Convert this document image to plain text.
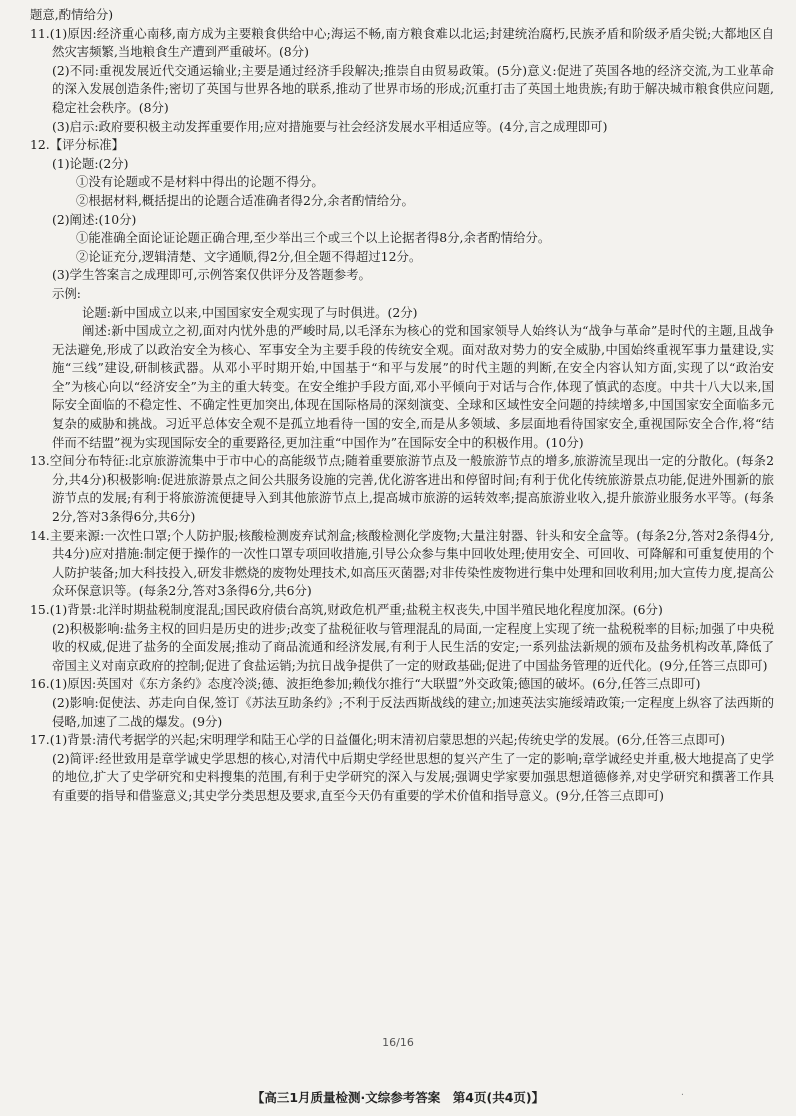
题意,酌情给分)

11.(1)原因:经济重心南移,南方成为主要粮食供给中心;海运不畅,南方粮食难以北运;封建统治腐朽,民族矛盾和阶级矛盾尖锐;大都地区自然灾害频繁,当地粮食生产遭到严重破坏。(8分)

(2)不同:重视发展近代交通运输业;主要是通过经济手段解决;推崇自由贸易政策。(5分)意义:促进了英国各地的经济交流,为工业革命的深入发展创造条件;密切了英国与世界各地的联系,推动了世界市场的形成;沉重打击了英国土地贵族;有助于解决城市粮食供应问题,稳定社会秩序。(8分)

(3)启示:政府要积极主动发挥重要作用;应对措施要与社会经济发展水平相适应等。(4分,言之成理即可)

12.【评分标准】

(1)论题:(2分)

①没有论题或不是材料中得出的论题不得分。

②根据材料,概括提出的论题合适准确者得2分,余者酌情给分。

(2)阐述:(10分)

①能准确全面论证论题正确合理,至少举出三个或三个以上论据者得8分,余者酌情给分。

②论证充分,逻辑清楚、文字通顺,得2分,但全题不得超过12分。

(3)学生答案言之成理即可,示例答案仅供评分及答题参考。

示例:

论题:新中国成立以来,中国国家安全观实现了与时俱进。(2分)

阐述:新中国成立之初,面对内忧外患的严峻时局,以毛泽东为核心的党和国家领导人始终认为“战争与革命”是时代的主题,且战争无法避免,形成了以政治安全为核心、军事安全为主要手段的传统安全观。面对敌对势力的安全威胁,中国始终重视军事力量建设,实施“三线”建设,研制核武器。从邓小平时期开始,中国基于“和平与发展”的时代主题的判断,在安全内容认知方面,实现了以“政治安全”为核心向以“经济安全”为主的重大转变。在安全维护手段方面,邓小平倾向于对话与合作,体现了慎武的态度。中共十八大以来,国际安全面临的不稳定性、不确定性更加突出,体现在国际格局的深刻演变、全球和区域性安全问题的持续增多,中国国家安全面临多元复杂的威胁和挑战。习近平总体安全观不是孤立地看待一国的安全,而是从多领域、多层面地看待国家安全,重视国际安全合作,将“结伴而不结盟”视为实现国际安全的重要路径,更加注重“中国作为”在国际安全中的积极作用。(10分)

13.空间分布特征:北京旅游流集中于市中心的高能级节点;随着重要旅游节点及一般旅游节点的增多,旅游流呈现出一定的分散化。(每条2分,共4分)积极影响:促进旅游景点之间公共服务设施的完善,优化游客进出和停留时间;有利于优化传统旅游景点功能,促进外围新的旅游节点的发展;有利于将旅游流便捷导入到其他旅游节点上,提高城市旅游的运转效率;提高旅游业收入,提升旅游业服务水平等。(每条2分,答对3条得6分,共6分)

14.主要来源:一次性口罩;个人防护服;核酸检测废弃试剂盒;核酸检测化学废物;大量注射器、针头和安全盒等。(每条2分,答对2条得4分,共4分)应对措施:制定便于操作的一次性口罩专项回收措施,引导公众参与集中回收处理;使用安全、可回收、可降解和可重复使用的个人防护装备;加大科技投入,研发非燃烧的废物处理技术,如高压灭菌器;对非传染性废物进行集中处理和回收利用;加大宣传力度,提高公众环保意识等。(每条2分,答对3条得6分,共6分)

15.(1)背景:北洋时期盐税制度混乱;国民政府债台高筑,财政危机严重;盐税主权丧失,中国半殖民地化程度加深。(6分)

(2)积极影响:盐务主权的回归是历史的进步;改变了盐税征收与管理混乱的局面,一定程度上实现了统一盐税税率的目标;加强了中央税收的权威,促进了盐务的全面发展;推动了商品流通和经济发展,有利于人民生活的安定;一系列盐法新规的颁布及盐务机构改革,降低了帝国主义对南京政府的控制;促进了食盐运销;为抗日战争提供了一定的财政基础;促进了中国盐务管理的近代化。(9分,任答三点即可)

16.(1)原因:英国对《东方条约》态度冷淡;德、波拒绝参加;赖伐尔推行“大联盟”外交政策;德国的破坏。(6分,任答三点即可)

(2)影响:促使法、苏走向自保,签订《苏法互助条约》;不利于反法西斯战线的建立;加速英法实施绥靖政策;一定程度上纵容了法西斯的侵略,加速了二战的爆发。(9分)

17.(1)背景:清代考据学的兴起;宋明理学和陆王心学的日益僵化;明末清初启蒙思想的兴起;传统史学的发展。(6分,任答三点即可)

(2)简评:经世致用是章学诚史学思想的核心,对清代中后期史学经世思想的复兴产生了一定的影响;章学诚经史并重,极大地提高了史学的地位,扩大了史学研究和史料搜集的范围,有利于史学研究的深入与发展;强调史学家要加强思想道德修养,对史学研究和撰著工作具有重要的指导和借鉴意义;其史学分类思想及要求,直至今天仍有重要的学术价值和指导意义。(9分,任答三点即可)

16/16
【高三1月质量检测·文综参考答案　第4页(共4页)】	·
